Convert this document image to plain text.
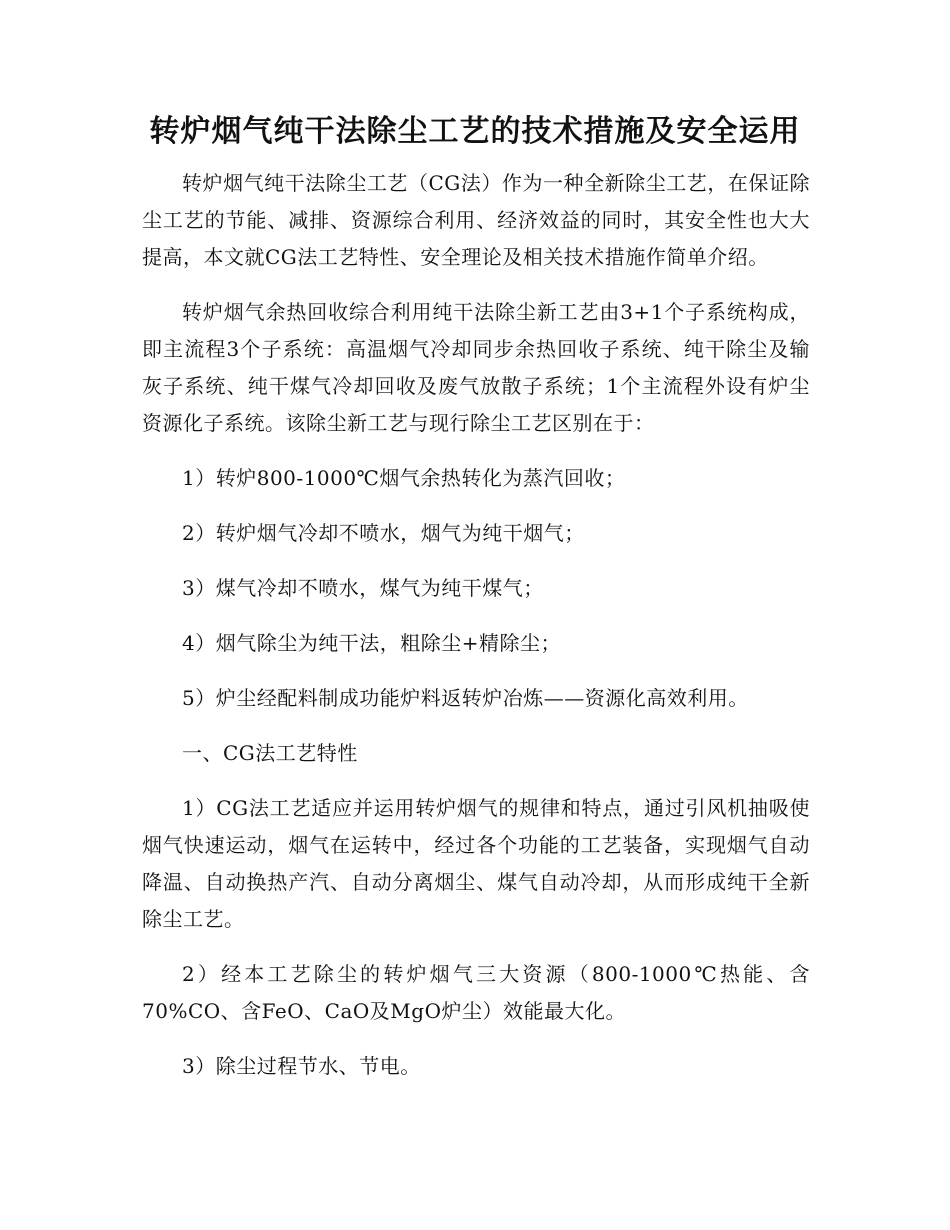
转炉烟气纯干法除尘工艺的技术措施及安全运用

转炉烟气纯干法除尘工艺（CG法）作为一种全新除尘工艺，在保证除尘工艺的节能、减排、资源综合利用、经济效益的同时，其安全性也大大提高，本文就CG法工艺特性、安全理论及相关技术措施作简单介绍。

转炉烟气余热回收综合利用纯干法除尘新工艺由3+1个子系统构成，即主流程3个子系统：高温烟气冷却同步余热回收子系统、纯干除尘及输灰子系统、纯干煤气冷却回收及废气放散子系统；1个主流程外设有炉尘资源化子系统。该除尘新工艺与现行除尘工艺区别在于：

1）转炉800-1000℃烟气余热转化为蒸汽回收；

2）转炉烟气冷却不喷水，烟气为纯干烟气；

3）煤气冷却不喷水，煤气为纯干煤气；

4）烟气除尘为纯干法，粗除尘+精除尘；

5）炉尘经配料制成功能炉料返转炉冶炼——资源化高效利用。

一、CG法工艺特性

1）CG法工艺适应并运用转炉烟气的规律和特点，通过引风机抽吸使烟气快速运动，烟气在运转中，经过各个功能的工艺装备，实现烟气自动降温、自动换热产汽、自动分离烟尘、煤气自动冷却，从而形成纯干全新除尘工艺。

2）经本工艺除尘的转炉烟气三大资源（800-1000℃热能、含70%CO、含FeO、CaO及MgO炉尘）效能最大化。

3）除尘过程节水、节电。
